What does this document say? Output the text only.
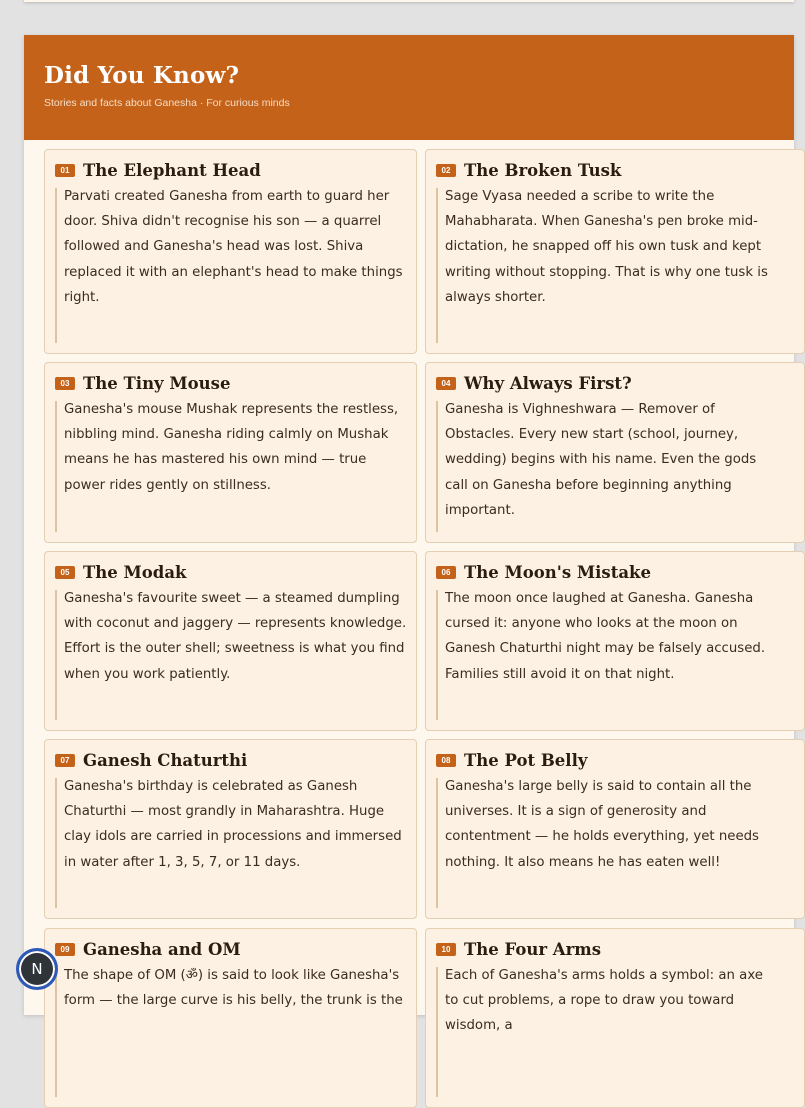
Did You Know?
Stories and facts about Ganesha · For curious minds
01 The Elephant Head

Parvati created Ganesha from earth to guard her door. Shiva didn't recognise his son — a quarrel followed and Ganesha's head was lost. Shiva replaced it with an elephant's head to make things right.

02 The Broken Tusk

Sage Vyasa needed a scribe to write the Mahabharata. When Ganesha's pen broke mid-dictation, he snapped off his own tusk and kept writing without stopping. That is why one tusk is always shorter.

03 The Tiny Mouse

Ganesha's mouse Mushak represents the restless, nibbling mind. Ganesha riding calmly on Mushak means he has mastered his own mind — true power rides gently on stillness.

04 Why Always First?

Ganesha is Vighneshwara — Remover of Obstacles. Every new start (school, journey, wedding) begins with his name. Even the gods call on Ganesha before beginning anything important.

05 The Modak

Ganesha's favourite sweet — a steamed dumpling with coconut and jaggery — represents knowledge. Effort is the outer shell; sweetness is what you find when you work patiently.

06 The Moon's Mistake

The moon once laughed at Ganesha. Ganesha cursed it: anyone who looks at the moon on Ganesh Chaturthi night may be falsely accused. Families still avoid it on that night.

07 Ganesh Chaturthi

Ganesha's birthday is celebrated as Ganesh Chaturthi — most grandly in Maharashtra. Huge clay idols are carried in processions and immersed in water after 1, 3, 5, 7, or 11 days.

08 The Pot Belly

Ganesha's large belly is said to contain all the universes. It is a sign of generosity and contentment — he holds everything, yet needs nothing. It also means he has eaten well!

09 Ganesha and OM

The shape of OM (ॐ) is said to look like Ganesha's form — the large curve is his belly, the trunk is the

10 The Four Arms

Each of Ganesha's arms holds a symbol: an axe to cut problems, a rope to draw you toward wisdom, a

N
